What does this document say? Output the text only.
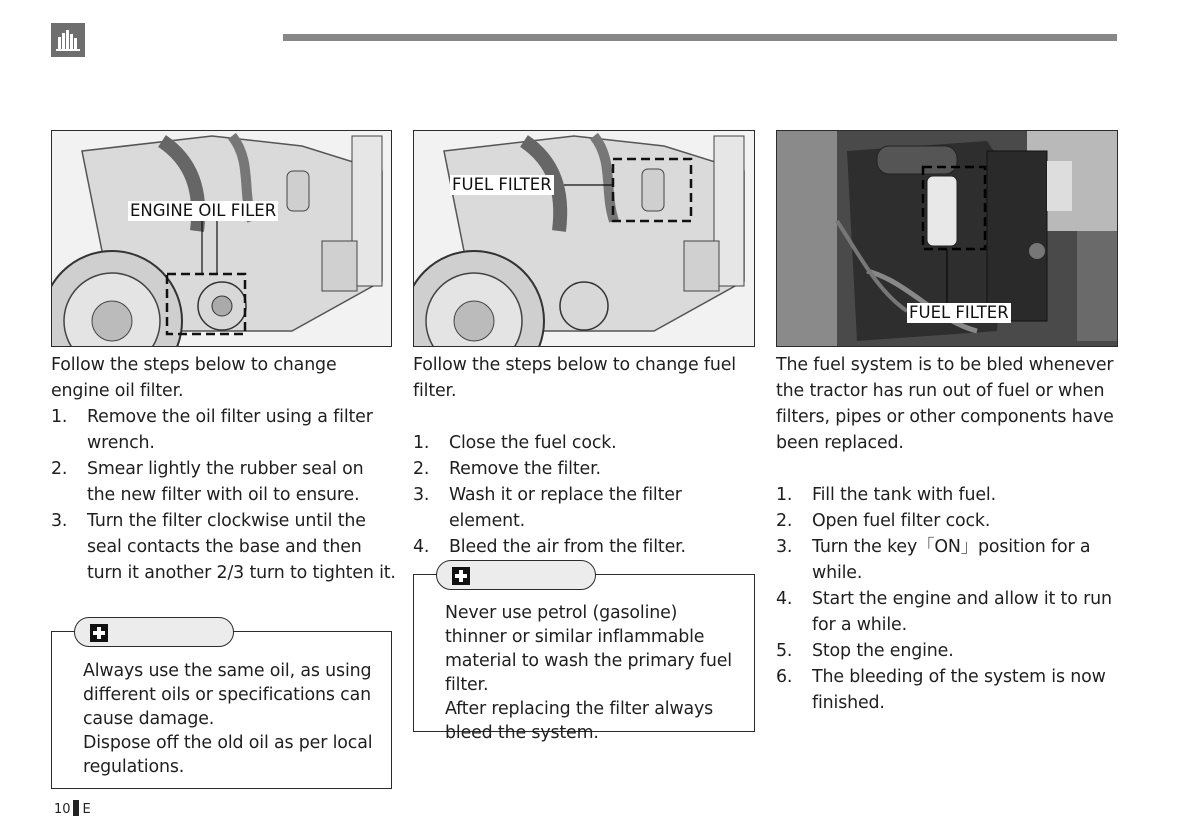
ENGINE OIL FILER
FUEL FILTER
FUEL FILTER
Follow the steps below to change engine oil filter.
1. Remove the oil filter using a filter wrench.
2. Smear lightly the rubber seal on the new filter with oil to ensure.
3. Turn the filter clockwise until the seal contacts the base and then turn it another 2/3 turn to tighten it.
Follow the steps below to change fuel filter.
1. Close the fuel cock.
2. Remove the filter.
3. Wash it or replace the filter element.
4. Bleed the air from the filter.
The fuel system is to be bled whenever the tractor has run out of fuel or when filters, pipes or other components have been replaced.
1. Fill the tank with fuel.
2. Open fuel filter cock.
3. Turn the key「ON」position for a while.
4. Start the engine and allow it to run for a while.
5. Stop the engine.
6. The bleeding of the system is now finished.
Always use the same oil, as using different oils or specifications can cause damage.
Dispose off the old oil as per local regulations.
Never use petrol (gasoline) thinner or similar inflammable material to wash the primary fuel filter.
After replacing the filter always bleed the system.
10 E
